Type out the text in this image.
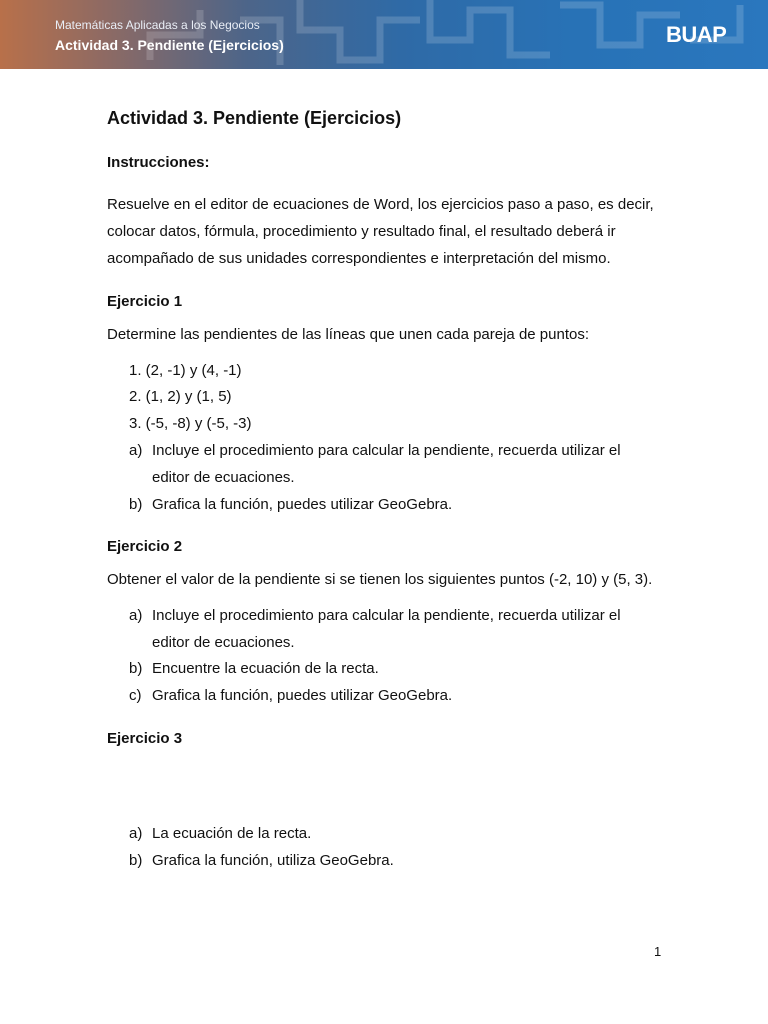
Matemáticas Aplicadas a los Negocios
Actividad 3. Pendiente (Ejercicios)	BUAP
Actividad 3. Pendiente (Ejercicios)
Instrucciones:
Resuelve en el editor de ecuaciones de Word, los ejercicios paso a paso, es decir,
colocar datos, fórmula, procedimiento y resultado final, el resultado deberá ir
acompañado de sus unidades correspondientes e interpretación del mismo.
Ejercicio 1
Determine las pendientes de las líneas que unen cada pareja de puntos:
1. (2, -1) y (4, -1)
2. (1, 2) y (1, 5)
3. (-5, -8) y (-5, -3)
a) Incluye el procedimiento para calcular la pendiente, recuerda utilizar el
editor de ecuaciones.
b) Grafica la función, puedes utilizar GeoGebra.
Ejercicio 2
Obtener el valor de la pendiente si se tienen los siguientes puntos (-2, 10) y (5, 3).
a) Incluye el procedimiento para calcular la pendiente, recuerda utilizar el
editor de ecuaciones.
b) Encuentre la ecuación de la recta.
c) Grafica la función, puedes utilizar GeoGebra.
Ejercicio 3
a) La ecuación de la recta.
b) Grafica la función, utiliza GeoGebra.
1
